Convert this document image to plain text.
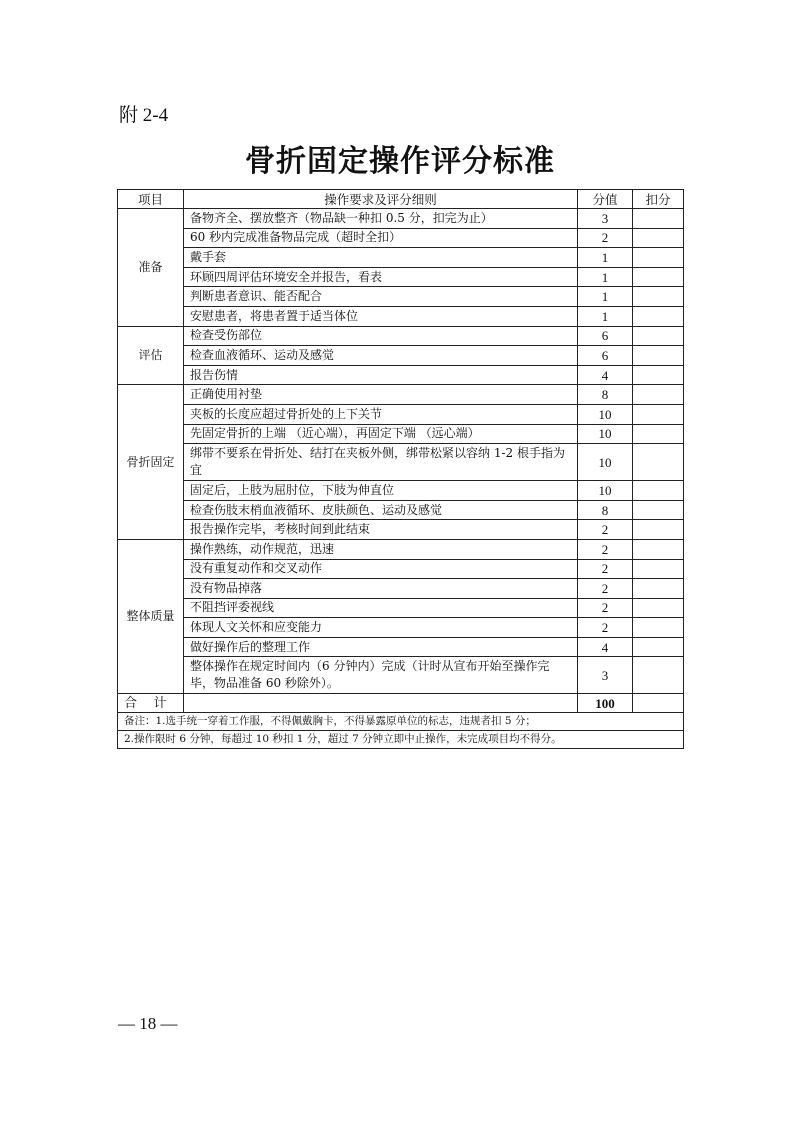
附 2-4
骨折固定操作评分标准
项目	操作要求及评分细则	分值	扣分
准备	备物齐全、摆放整齐（物品缺一种扣 0.5 分，扣完为止）	3	
	60 秒内完成准备物品完成（超时全扣）	2	
	戴手套	1	
	环顾四周评估环境安全并报告，看表	1	
	判断患者意识、能否配合	1	
	安慰患者，将患者置于适当体位	1	
评估	检查受伤部位	6	
	检查血液循环、运动及感觉	6	
	报告伤情	4	
骨折固定	正确使用衬垫	8	
	夹板的长度应超过骨折处的上下关节	10	
	先固定骨折的上端 （近心端），再固定下端 （远心端）	10	
	绑带不要系在骨折处、结打在夹板外侧，绑带松紧以容纳 1-2 根手指为宜	10	
	固定后，上肢为屈肘位，下肢为伸直位	10	
	检查伤肢末梢血液循环、皮肤颜色、运动及感觉	8	
	报告操作完毕，考核时间到此结束	2	
整体质量	操作熟练，动作规范，迅速	2	
	没有重复动作和交叉动作	2	
	没有物品掉落	2	
	不阻挡评委视线	2	
	体现人文关怀和应变能力	2	
	做好操作后的整理工作	4	
	整体操作在规定时间内（6 分钟内）完成（计时从宣布开始至操作完毕，物品准备 60 秒除外）。	3	
合    计		100	
备注：1.选手统一穿着工作服，不得佩戴胸卡，不得暴露原单位的标志，违规者扣 5 分；			
2.操作限时 6 分钟，每超过 10 秒扣 1 分，超过 7 分钟立即中止操作，未完成项目均不得分。			
— 18 —
